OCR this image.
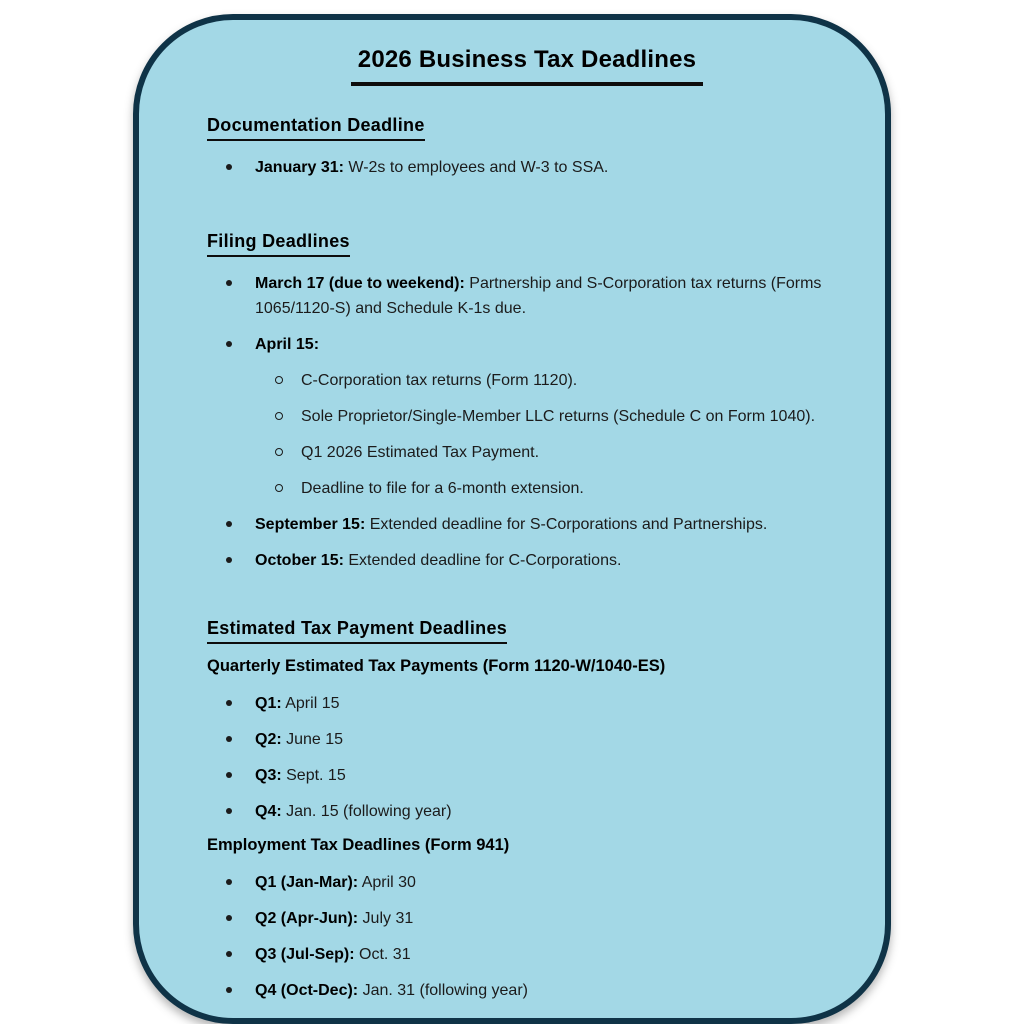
2026 Business Tax Deadlines
Documentation Deadline
January 31: W-2s to employees and W-3 to SSA.
Filing Deadlines
March 17 (due to weekend): Partnership and S-Corporation tax returns (Forms 1065/1120-S) and Schedule K-1s due.
April 15:
C-Corporation tax returns (Form 1120).
Sole Proprietor/Single-Member LLC returns (Schedule C on Form 1040).
Q1 2026 Estimated Tax Payment.
Deadline to file for a 6-month extension.
September 15: Extended deadline for S-Corporations and Partnerships.
October 15: Extended deadline for C-Corporations.
Estimated Tax Payment Deadlines
Quarterly Estimated Tax Payments (Form 1120-W/1040-ES)
Q1: April 15
Q2: June 15
Q3: Sept. 15
Q4: Jan. 15 (following year)
Employment Tax Deadlines (Form 941)
Q1 (Jan-Mar): April 30
Q2 (Apr-Jun): July 31
Q3 (Jul-Sep): Oct. 31
Q4 (Oct-Dec): Jan. 31 (following year)
